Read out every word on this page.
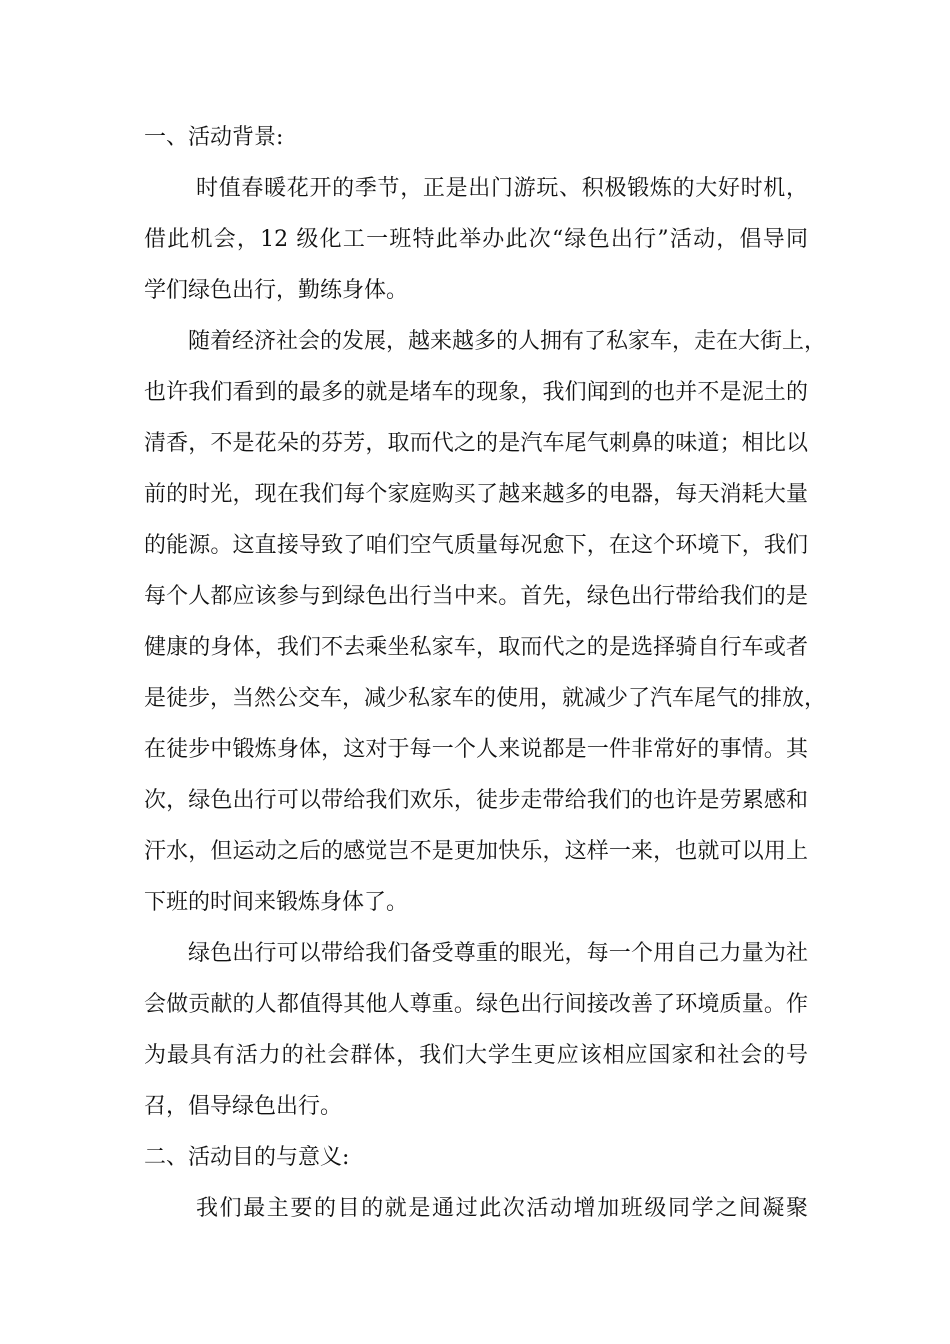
一、活动背景:
时值春暖花开的季节，正是出门游玩、积极锻炼的大好时机，
借此机会，12 级化工一班特此举办此次“绿色出行”活动，倡导同
学们绿色出行，勤练身体。
随着经济社会的发展，越来越多的人拥有了私家车，走在大街上，
也许我们看到的最多的就是堵车的现象，我们闻到的也并不是泥土的
清香，不是花朵的芬芳，取而代之的是汽车尾气刺鼻的味道；相比以
前的时光，现在我们每个家庭购买了越来越多的电器，每天消耗大量
的能源。这直接导致了咱们空气质量每况愈下，在这个环境下，我们
每个人都应该参与到绿色出行当中来。首先，绿色出行带给我们的是
健康的身体，我们不去乘坐私家车，取而代之的是选择骑自行车或者
是徒步，当然公交车，减少私家车的使用，就减少了汽车尾气的排放，
在徒步中锻炼身体，这对于每一个人来说都是一件非常好的事情。其
次，绿色出行可以带给我们欢乐，徒步走带给我们的也许是劳累感和
汗水，但运动之后的感觉岂不是更加快乐，这样一来，也就可以用上
下班的时间来锻炼身体了。
绿色出行可以带给我们备受尊重的眼光，每一个用自己力量为社
会做贡献的人都值得其他人尊重。绿色出行间接改善了环境质量。作
为最具有活力的社会群体，我们大学生更应该相应国家和社会的号
召，倡导绿色出行。
二、活动目的与意义:
我们最主要的目的就是通过此次活动增加班级同学之间凝聚
